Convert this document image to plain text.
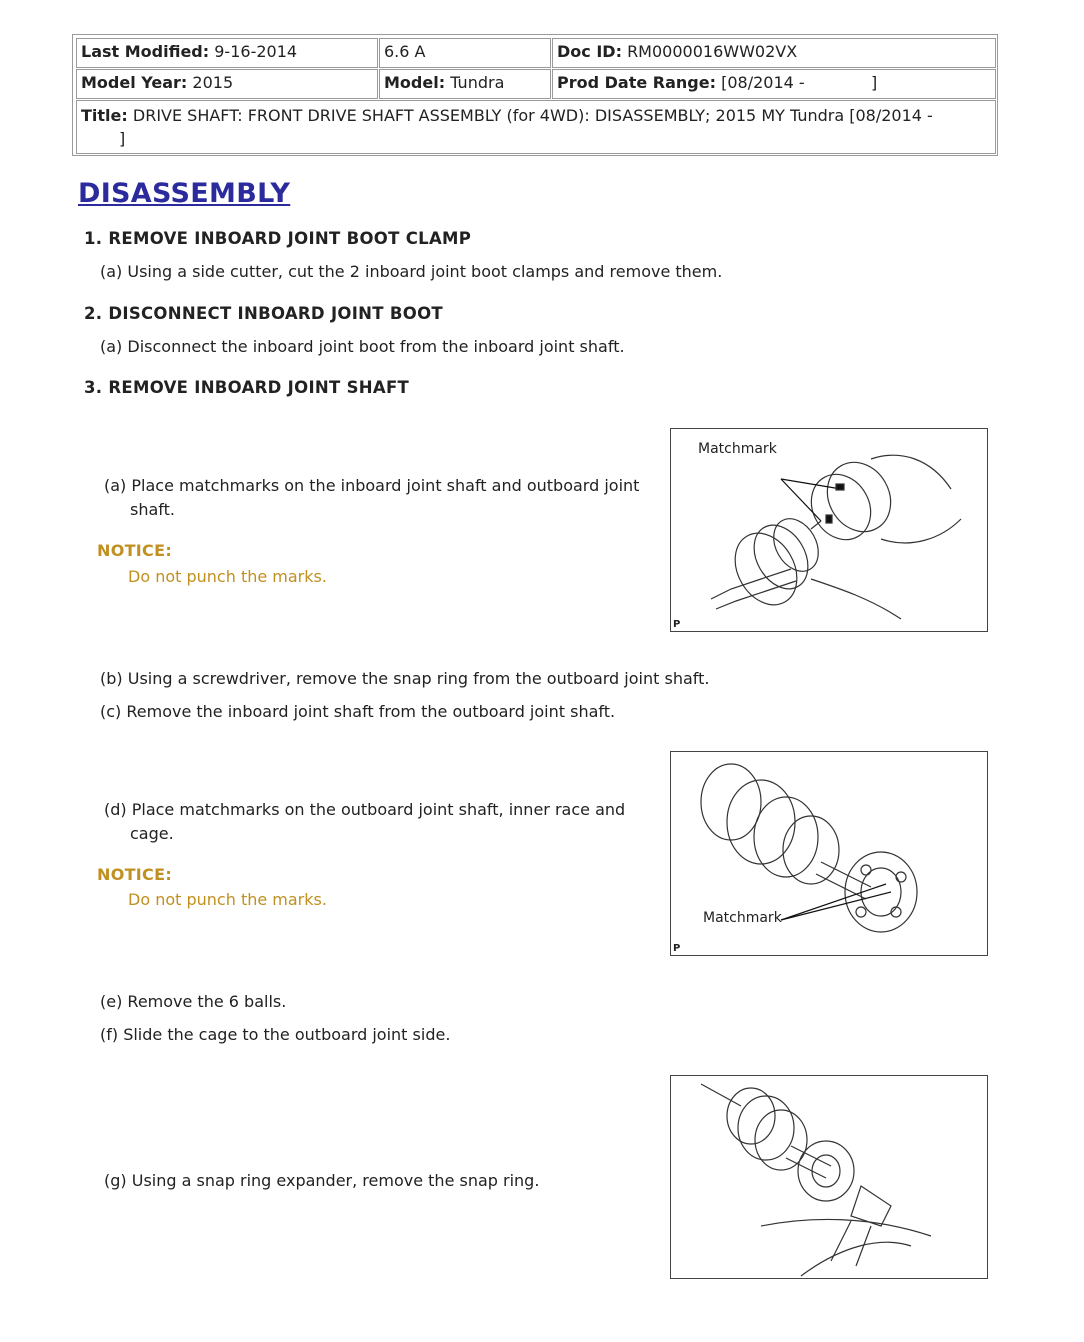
Last Modified: 9-16-2014	6.6 A	Doc ID: RM0000016WW02VX
Model Year: 2015	Model: Tundra	Prod Date Range: [08/2014 -	]
Title: DRIVE SHAFT: FRONT DRIVE SHAFT ASSEMBLY (for 4WD): DISASSEMBLY; 2015 MY Tundra [08/2014 -
]
DISASSEMBLY
1. REMOVE INBOARD JOINT BOOT CLAMP
(a) Using a side cutter, cut the 2 inboard joint boot clamps and remove them.
2. DISCONNECT INBOARD JOINT BOOT
(a) Disconnect the inboard joint boot from the inboard joint shaft.
3. REMOVE INBOARD JOINT SHAFT
(a) Place matchmarks on the inboard joint shaft and outboard joint
shaft.
NOTICE:
Do not punch the marks.
Matchmark
P
(b) Using a screwdriver, remove the snap ring from the outboard joint shaft.
(c) Remove the inboard joint shaft from the outboard joint shaft.
(d) Place matchmarks on the outboard joint shaft, inner race and
cage.
NOTICE:
Do not punch the marks.
Matchmark
P
(e) Remove the 6 balls.
(f) Slide the cage to the outboard joint side.
(g) Using a snap ring expander, remove the snap ring.
